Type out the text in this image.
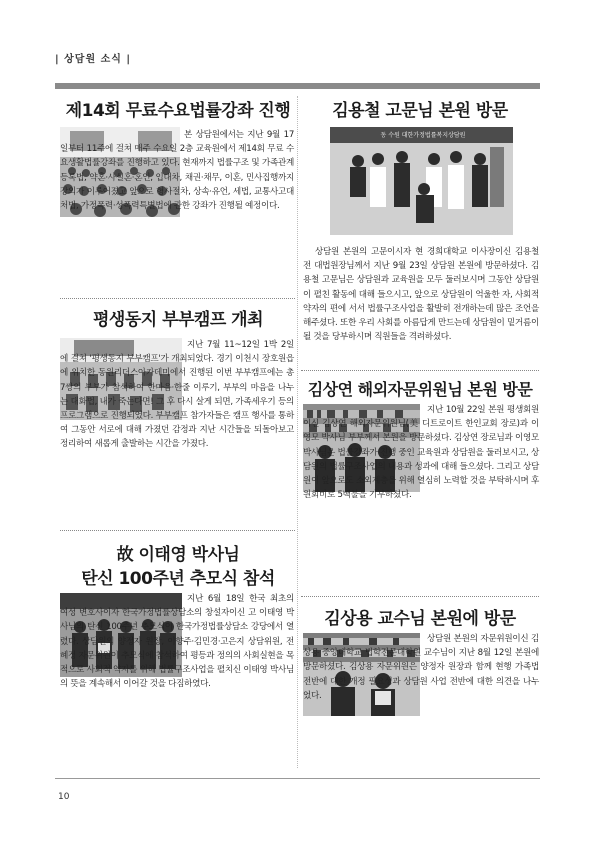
| 상담원 소식 |
제14회 무료수요법률강좌 진행

본 상담원에서는 지난 9월 17일부터 11주에 걸쳐 매주 수요일 2층 교육원에서 제14회 무료 수요생활법률강좌를 진행하고 있다. 현재까지 법률구조 및 가족관계등록법, 약혼·사실혼·혼인, 입대차, 채권·채무, 이혼, 민사집행까지 강의가 이루어졌고 앞으로 형사절차, 상속·유언, 세법, 교통사고대처법, 가정폭력·성폭력특별법에 관한 강좌가 진행될 예정이다.

평생동지 부부캠프 개최

지난 7월 11~12일 1박 2일에 걸쳐 '평생동지 부부캠프'가 개최되었다. 경기 이천시 장호원읍에 위치한 동원리더스아카데미에서 진행된 이번 부부캠프에는 총 7쌍의 부부가 참석하여 한마음·한줄 이루기, 부부의 마음을 나누는 대화법, 내가 죽는다면! 그 후 다시 살게 되면, 가족세우기 등의 프로그램으로 진행되었다. 부부캠프 참가자들은 캠프 행사를 통하여 그동안 서로에 대해 가졌던 감정과 지난 시간들을 되돌아보고 정리하여 새롭게 출발하는 시간을 가졌다.

故 이태영 박사님
탄신 100주년 추모식 참석

지난 6월 18일 한국 최초의 여성 변호사이자 한국가정법률상담소의 창설자이신 고 이태영 박사님의 탄신 100주년 추모식이 한국가정법률상담소 강당에서 열렸다. 상담원의 양정자 원장, 이향주·김민경·고은지 상담위원, 전혜정 자문위원이 추모식에 참석하여 평등과 정의의 사회실현을 목적으로 사회적 약자를 위해 법률구조사업을 펼치신 이태영 박사님의 뜻을 계속해서 이어갈 것을 다짐하였다.

김용철 고문님 본원 방문
동 수원 대한가정법률복지상담원

상담원 본원의 고문이시자 현 경희대학교 이사장이신 김용철 전 대법원장님께서 지난 9월 23일 상담원 본원에 방문하셨다. 김용철 고문님은 상담원과 교육원을 모두 둘러보시며 그동안 상담원이 펼친 활동에 대해 들으시고, 앞으로 상담원이 억울한 자, 사회적 약자의 편에 서서 법률구조사업을 활발히 전개하는데 많은 조언을 해주셨다. 또한 우리 사회를 아름답게 만드는데 상담원이 밑거름이 될 것을 당부하시며 직원들을 격려하셨다.

김상연 해외자문위원님 본원 방문

지난 10월 22일 본원 평생회원이신 김상연 해외자문위원님(美 디트로이트 한인교회 장로)과 이영모 박사님 부부께서 본원을 방문하셨다. 김상연 장로님과 이영모 박사님은 법률강좌가 진행 중인 교육원과 상담원을 둘러보시고, 상담원의 법률구조사업의 내용과 성과에 대해 들으셨다. 그리고 상담원이 앞으로도 소외계층을 위해 열심히 노력할 것을 부탁하시며 후원회비로 5백불을 기부하셨다.

김상용 교수님 본원에 방문

상담원 본원의 자문위원이신 김상용 중앙대학교 법학전문대학원 교수님이 지난 8월 12일 본원에 방문하셨다. 김상용 자문위원은 양정자 원장과 함께 현행 가족법 전반에 대한 개정 필요성과 상담원 사업 전반에 대한 의견을 나누었다.

10
